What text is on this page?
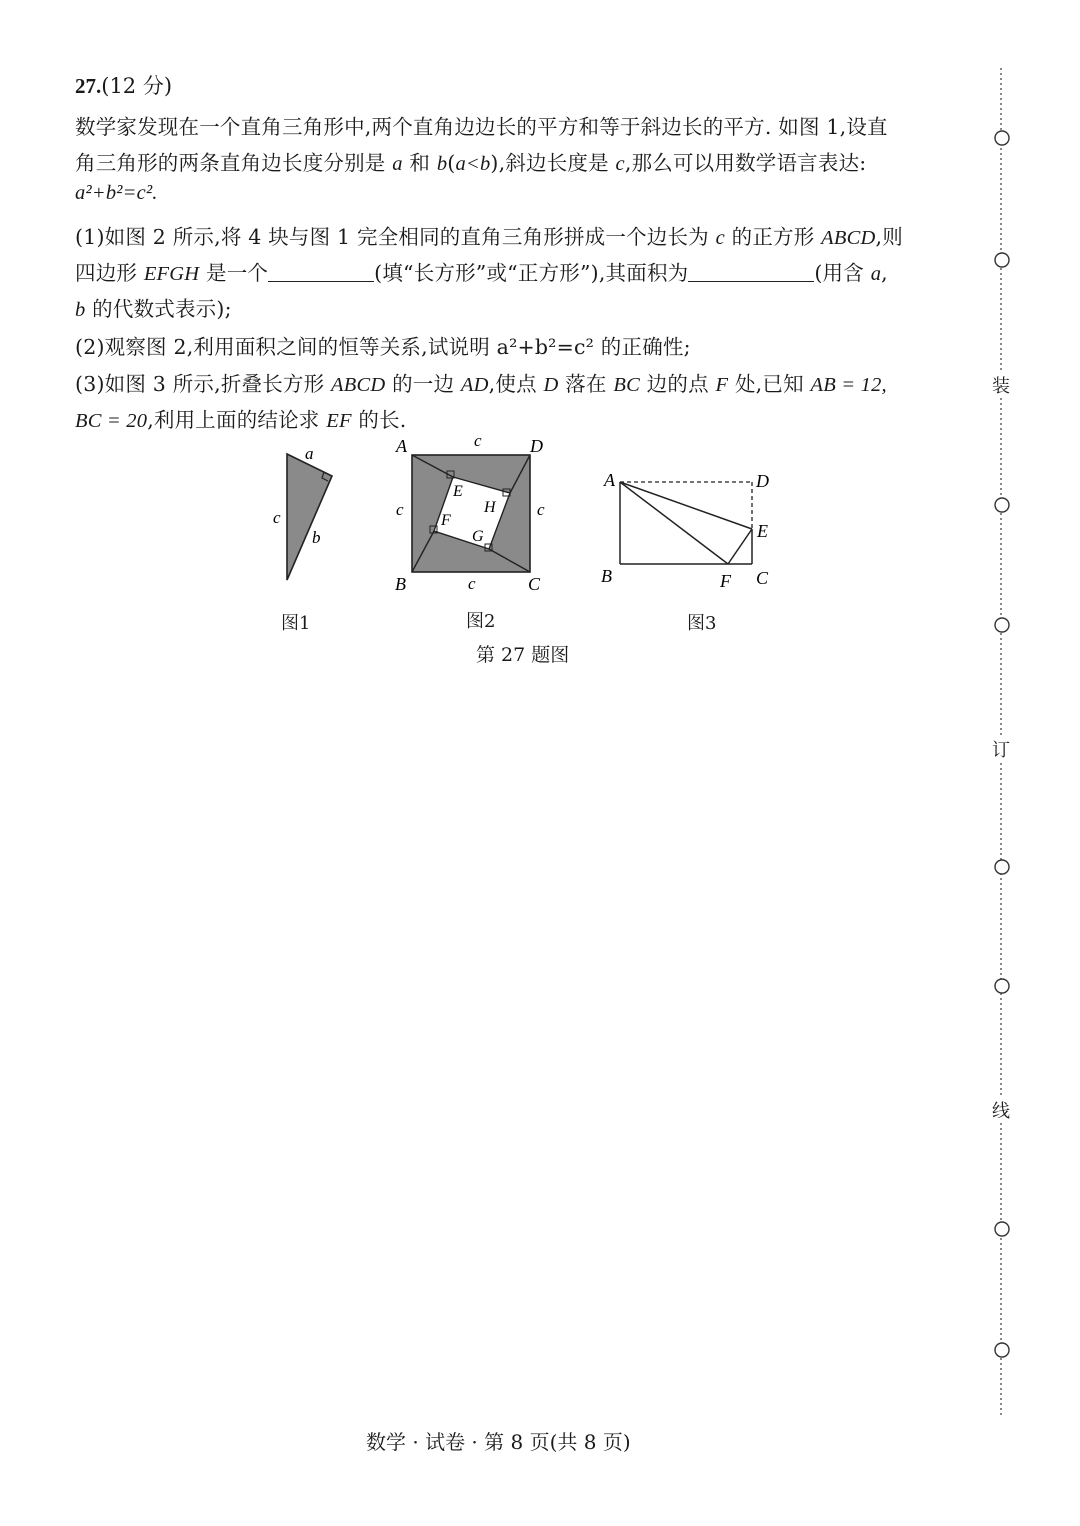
27.(12 分)
数学家发现在一个直角三角形中,两个直角边边长的平方和等于斜边长的平方. 如图 1,设直
角三角形的两条直角边长度分别是 a 和 b(a<b),斜边长度是 c,那么可以用数学语言表达:
a²+b²=c².
(1)如图 2 所示,将 4 块与图 1 完全相同的直角三角形拼成一个边长为 c 的正方形 ABCD,则
四边形 EFGH 是一个	(填“长方形”或“正方形”),其面积为	(用含 a,
b 的代数式表示);
(2)观察图 2,利用面积之间的恒等关系,试说明 a²+b²=c² 的正确性;
(3)如图 3 所示,折叠长方形 ABCD 的一边 AD,使点 D 落在 BC 边的点 F 处,已知 AB = 12,
BC = 20,利用上面的结论求 EF 的长.
a
b
c
A	D
B	C
c
c
c	c
E
H
F
G
A	D
E
B	F C
图1	图2	图3
第 27 题图
装
订
线
数学 · 试卷 · 第 8 页(共 8 页)
